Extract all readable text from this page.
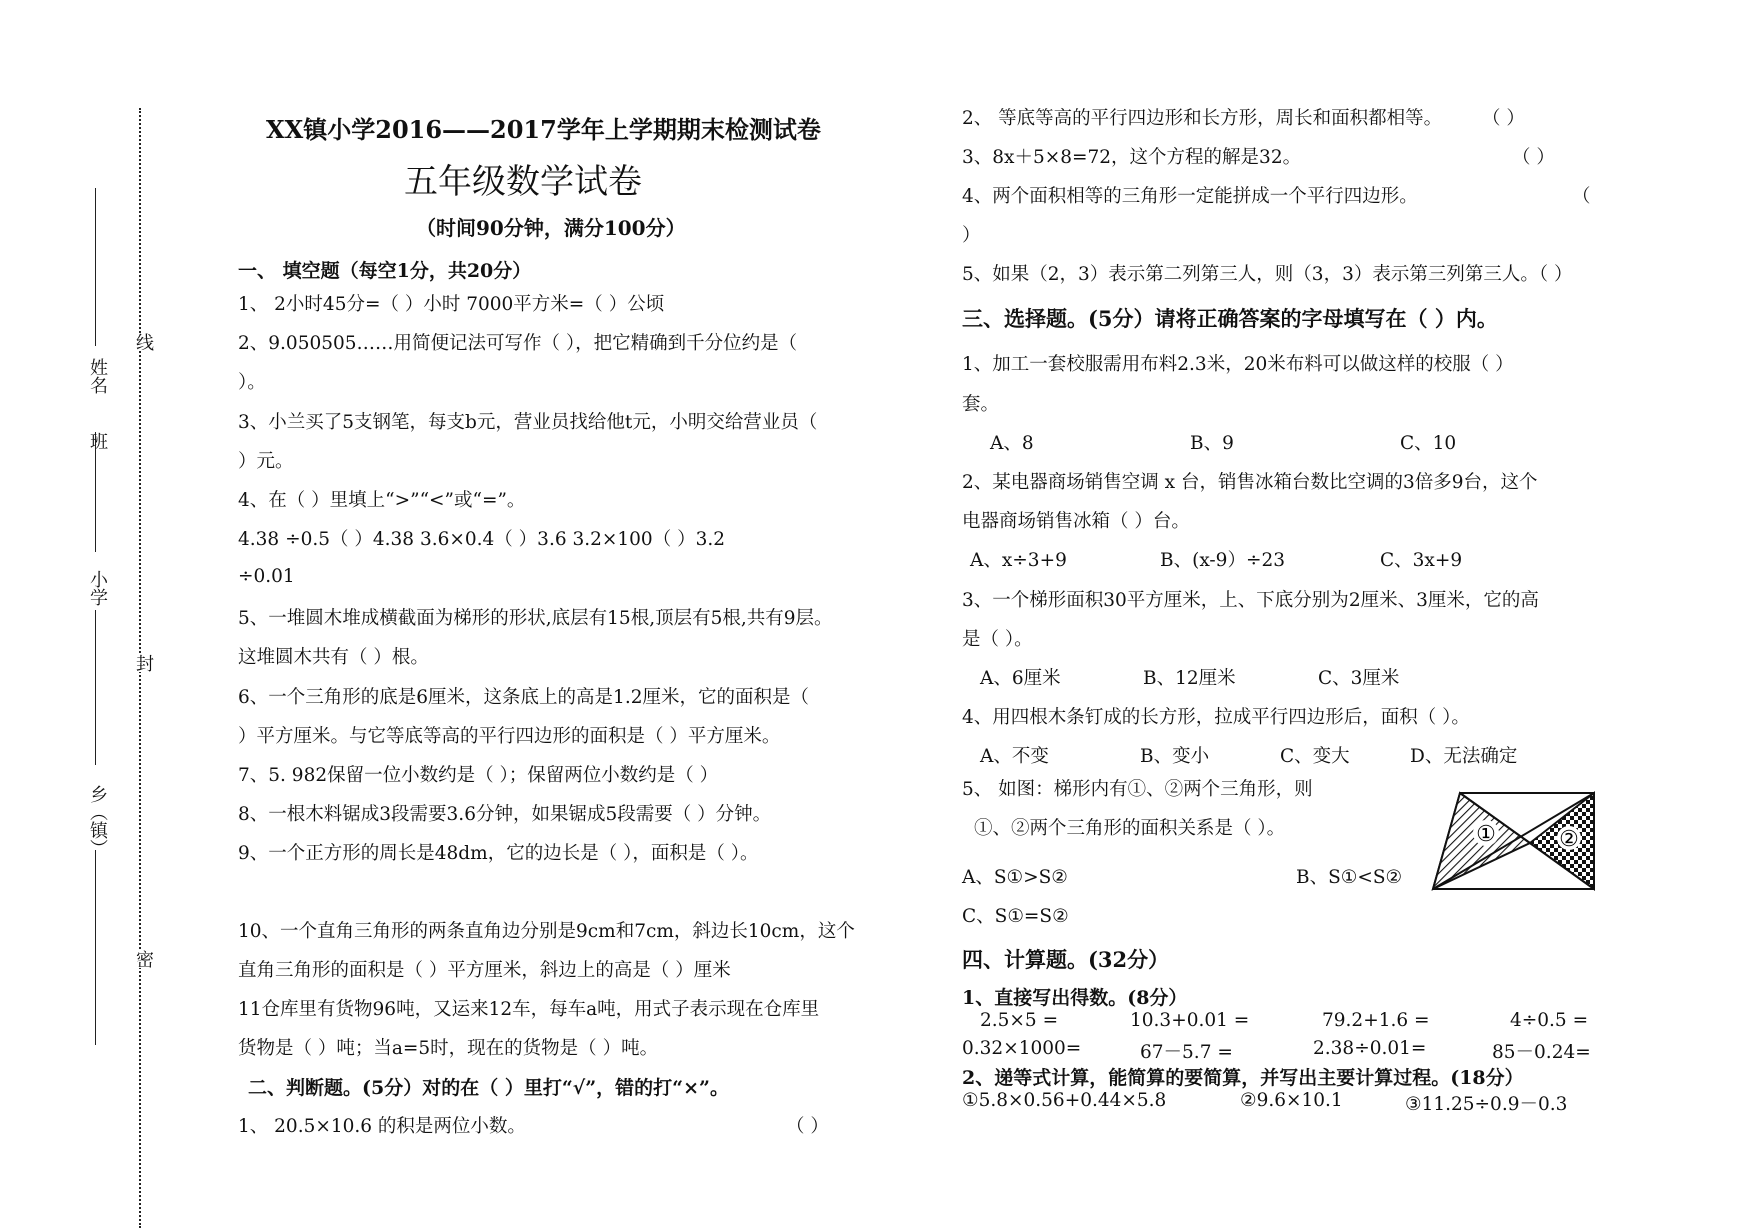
姓名
班
小学
乡（镇）
线
封
密
XX镇小学2016——2017学年上学期期末检测试卷
五年级数学试卷
（时间90分钟，满分100分）
一、 填空题（每空1分，共20分）
1、 2小时45分=（ ）小时 7000平方米=（ ）公顷
2、9.050505……用简便记法可写作（ ），把它精确到千分位约是（
）。
3、小兰买了5支钢笔，每支b元，营业员找给他t元，小明交给营业员（
）元。
4、在（ ）里填上“>”“<”或“=”。
4.38 ÷0.5（ ）4.38 3.6×0.4（ ）3.6 3.2×100（ ）3.2
÷0.01
5、一堆圆木堆成横截面为梯形的形状,底层有15根,顶层有5根,共有9层。
这堆圆木共有（ ）根。
6、一个三角形的底是6厘米，这条底上的高是1.2厘米，它的面积是（
）平方厘米。与它等底等高的平行四边形的面积是（ ）平方厘米。
7、5. 982保留一位小数约是（ ）；保留两位小数约是（ ）
8、一根木料锯成3段需要3.6分钟，如果锯成5段需要（ ）分钟。
9、一个正方形的周长是48dm，它的边长是（ ），面积是（ ）。
10、一个直角三角形的两条直角边分别是9cm和7cm，斜边长10cm，这个
直角三角形的面积是（ ）平方厘米，斜边上的高是（ ）厘米
11仓库里有货物96吨，又运来12车，每车a吨，用式子表示现在仓库里
货物是（ ）吨；当a=5时，现在的货物是（ ）吨。
二、判断题。(5分）对的在（ ）里打“√”，错的打“×”。
1、 20.5×10.6 的积是两位小数。	（ ）
2、 等底等高的平行四边形和长方形，周长和面积都相等。 （ ）
3、8x＋5×8=72，这个方程的解是32。	（ ）
4、两个面积相等的三角形一定能拼成一个平行四边形。	（
）
5、如果（2，3）表示第二列第三人，则（3，3）表示第三列第三人。（ ）
三、选择题。(5分）请将正确答案的字母填写在（ ）内。
1、加工一套校服需用布料2.3米，20米布料可以做这样的校服（ ）
套。
A、8	B、9	C、10
2、某电器商场销售空调 x 台，销售冰箱台数比空调的3倍多9台，这个
电器商场销售冰箱（ ）台。
A、x÷3+9	B、(x-9）÷23	C、3x+9
3、一个梯形面积30平方厘米，上、下底分别为2厘米、3厘米，它的高
是（ ）。
A、6厘米	B、12厘米	C、3厘米
4、用四根木条钉成的长方形，拉成平行四边形后，面积（ ）。
A、不变	B、变小	C、变大	D、无法确定
5、 如图：梯形内有①、②两个三角形，则
①、②两个三角形的面积关系是（ ）。
A、S①>S②	B、S①<S②
C、S①=S②
①	②
四、计算题。(32分）
1、直接写出得数。(8分）
2.5×5 =	10.3+0.01 =	79.2+1.6 =	4÷0.5 =
0.32×1000=	67－5.7 =	2.38÷0.01=	85－0.24=
2、递等式计算，能简算的要简算，并写出主要计算过程。(18分）
①5.8×0.56+0.44×5.8	②9.6×10.1	③11.25÷0.9－0.3
